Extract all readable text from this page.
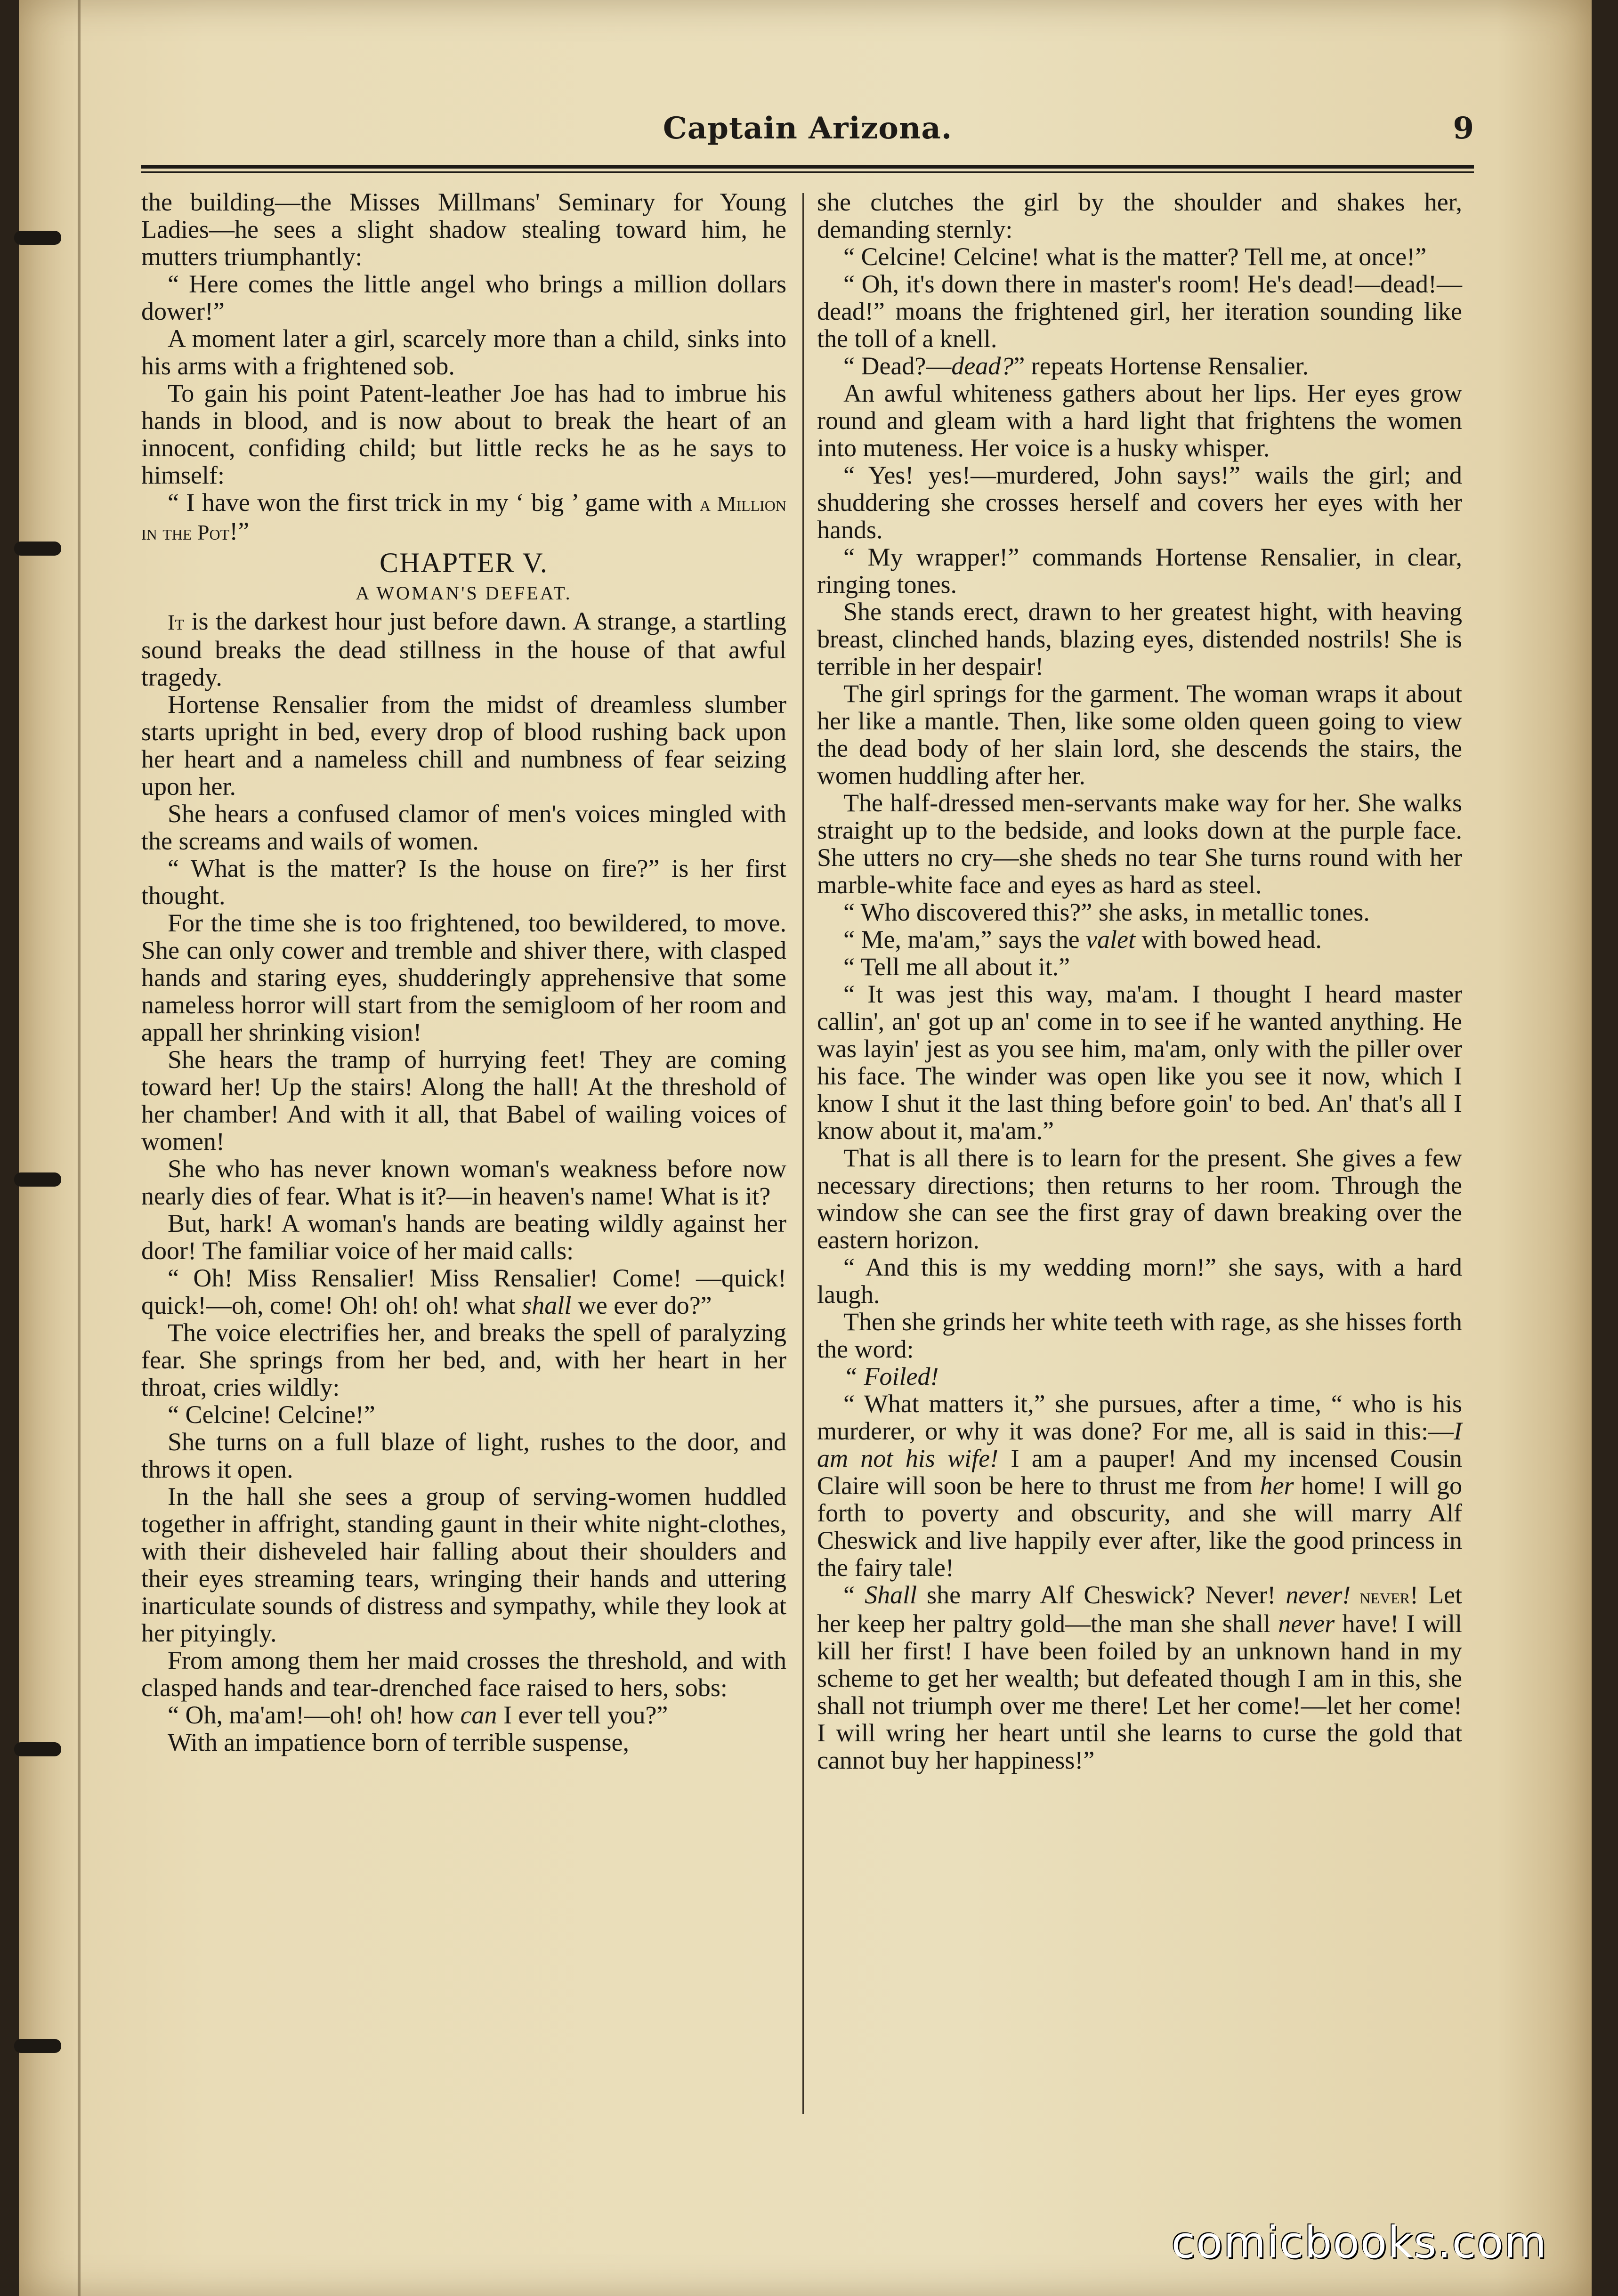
Captain Arizona.	9

the building—the Misses Millmans' Seminary for Young Ladies—he sees a slight shadow stealing toward him, he mutters triumphantly:

“ Here comes the little angel who brings a million dollars dower!”

A moment later a girl, scarcely more than a child, sinks into his arms with a frightened sob.

To gain his point Patent-leather Joe has had to imbrue his hands in blood, and is now about to break the heart of an innocent, confiding child; but little recks he as he says to himself:

“ I have won the first trick in my ‘ big ’ game with a Million in the Pot!”

CHAPTER V.

A WOMAN'S DEFEAT.

It is the darkest hour just before dawn. A strange, a startling sound breaks the dead stillness in the house of that awful tragedy.

Hortense Rensalier from the midst of dreamless slumber starts upright in bed, every drop of blood rushing back upon her heart and a nameless chill and numbness of fear seizing upon her.

She hears a confused clamor of men's voices mingled with the screams and wails of women.

“ What is the matter? Is the house on fire?” is her first thought.

For the time she is too frightened, too bewildered, to move. She can only cower and tremble and shiver there, with clasped hands and staring eyes, shudderingly apprehensive that some nameless horror will start from the semigloom of her room and appall her shrinking vision!

She hears the tramp of hurrying feet! They are coming toward her! Up the stairs! Along the hall! At the threshold of her chamber! And with it all, that Babel of wailing voices of women!

She who has never known woman's weakness before now nearly dies of fear. What is it?—in heaven's name! What is it?

But, hark! A woman's hands are beating wildly against her door! The familiar voice of her maid calls:

“ Oh! Miss Rensalier! Miss Rensalier! Come! —quick! quick!—oh, come! Oh! oh! oh! what shall we ever do?”

The voice electrifies her, and breaks the spell of paralyzing fear. She springs from her bed, and, with her heart in her throat, cries wildly:

“ Celcine! Celcine!”

She turns on a full blaze of light, rushes to the door, and throws it open.

In the hall she sees a group of serving-women huddled together in affright, standing gaunt in their white night-clothes, with their disheveled hair falling about their shoulders and their eyes streaming tears, wringing their hands and uttering inarticulate sounds of distress and sympathy, while they look at her pityingly.

From among them her maid crosses the threshold, and with clasped hands and tear-drenched face raised to hers, sobs:

“ Oh, ma'am!—oh! oh! how can I ever tell you?”

With an impatience born of terrible suspense,

she clutches the girl by the shoulder and shakes her, demanding sternly:

“ Celcine! Celcine! what is the matter? Tell me, at once!”

“ Oh, it's down there in master's room! He's dead!—dead!—dead!” moans the frightened girl, her iteration sounding like the toll of a knell.

“ Dead?—dead?” repeats Hortense Rensalier.

An awful whiteness gathers about her lips. Her eyes grow round and gleam with a hard light that frightens the women into muteness. Her voice is a husky whisper.

“ Yes! yes!—murdered, John says!” wails the girl; and shuddering she crosses herself and covers her eyes with her hands.

“ My wrapper!” commands Hortense Rensalier, in clear, ringing tones.

She stands erect, drawn to her greatest hight, with heaving breast, clinched hands, blazing eyes, distended nostrils! She is terrible in her despair!

The girl springs for the garment. The woman wraps it about her like a mantle. Then, like some olden queen going to view the dead body of her slain lord, she descends the stairs, the women huddling after her.

The half-dressed men-servants make way for her. She walks straight up to the bedside, and looks down at the purple face. She utters no cry—she sheds no tear She turns round with her marble-white face and eyes as hard as steel.

“ Who discovered this?” she asks, in metallic tones.

“ Me, ma'am,” says the valet with bowed head.

“ Tell me all about it.”

“ It was jest this way, ma'am. I thought I heard master callin', an' got up an' come in to see if he wanted anything. He was layin' jest as you see him, ma'am, only with the piller over his face. The winder was open like you see it now, which I know I shut it the last thing before goin' to bed. An' that's all I know about it, ma'am.”

That is all there is to learn for the present. She gives a few necessary directions; then returns to her room. Through the window she can see the first gray of dawn breaking over the eastern horizon.

“ And this is my wedding morn!” she says, with a hard laugh.

Then she grinds her white teeth with rage, as she hisses forth the word:

“ Foiled!

“ What matters it,” she pursues, after a time, “ who is his murderer, or why it was done? For me, all is said in this:—I am not his wife! I am a pauper! And my incensed Cousin Claire will soon be here to thrust me from her home! I will go forth to poverty and obscurity, and she will marry Alf Cheswick and live happily ever after, like the good princess in the fairy tale!

“ Shall she marry Alf Cheswick? Never! never! never! Let her keep her paltry gold—the man she shall never have! I will kill her first! I have been foiled by an unknown hand in my scheme to get her wealth; but defeated though I am in this, she shall not triumph over me there! Let her come!—let her come! I will wring her heart until she learns to curse the gold that cannot buy her happiness!”

comicbooks.com
